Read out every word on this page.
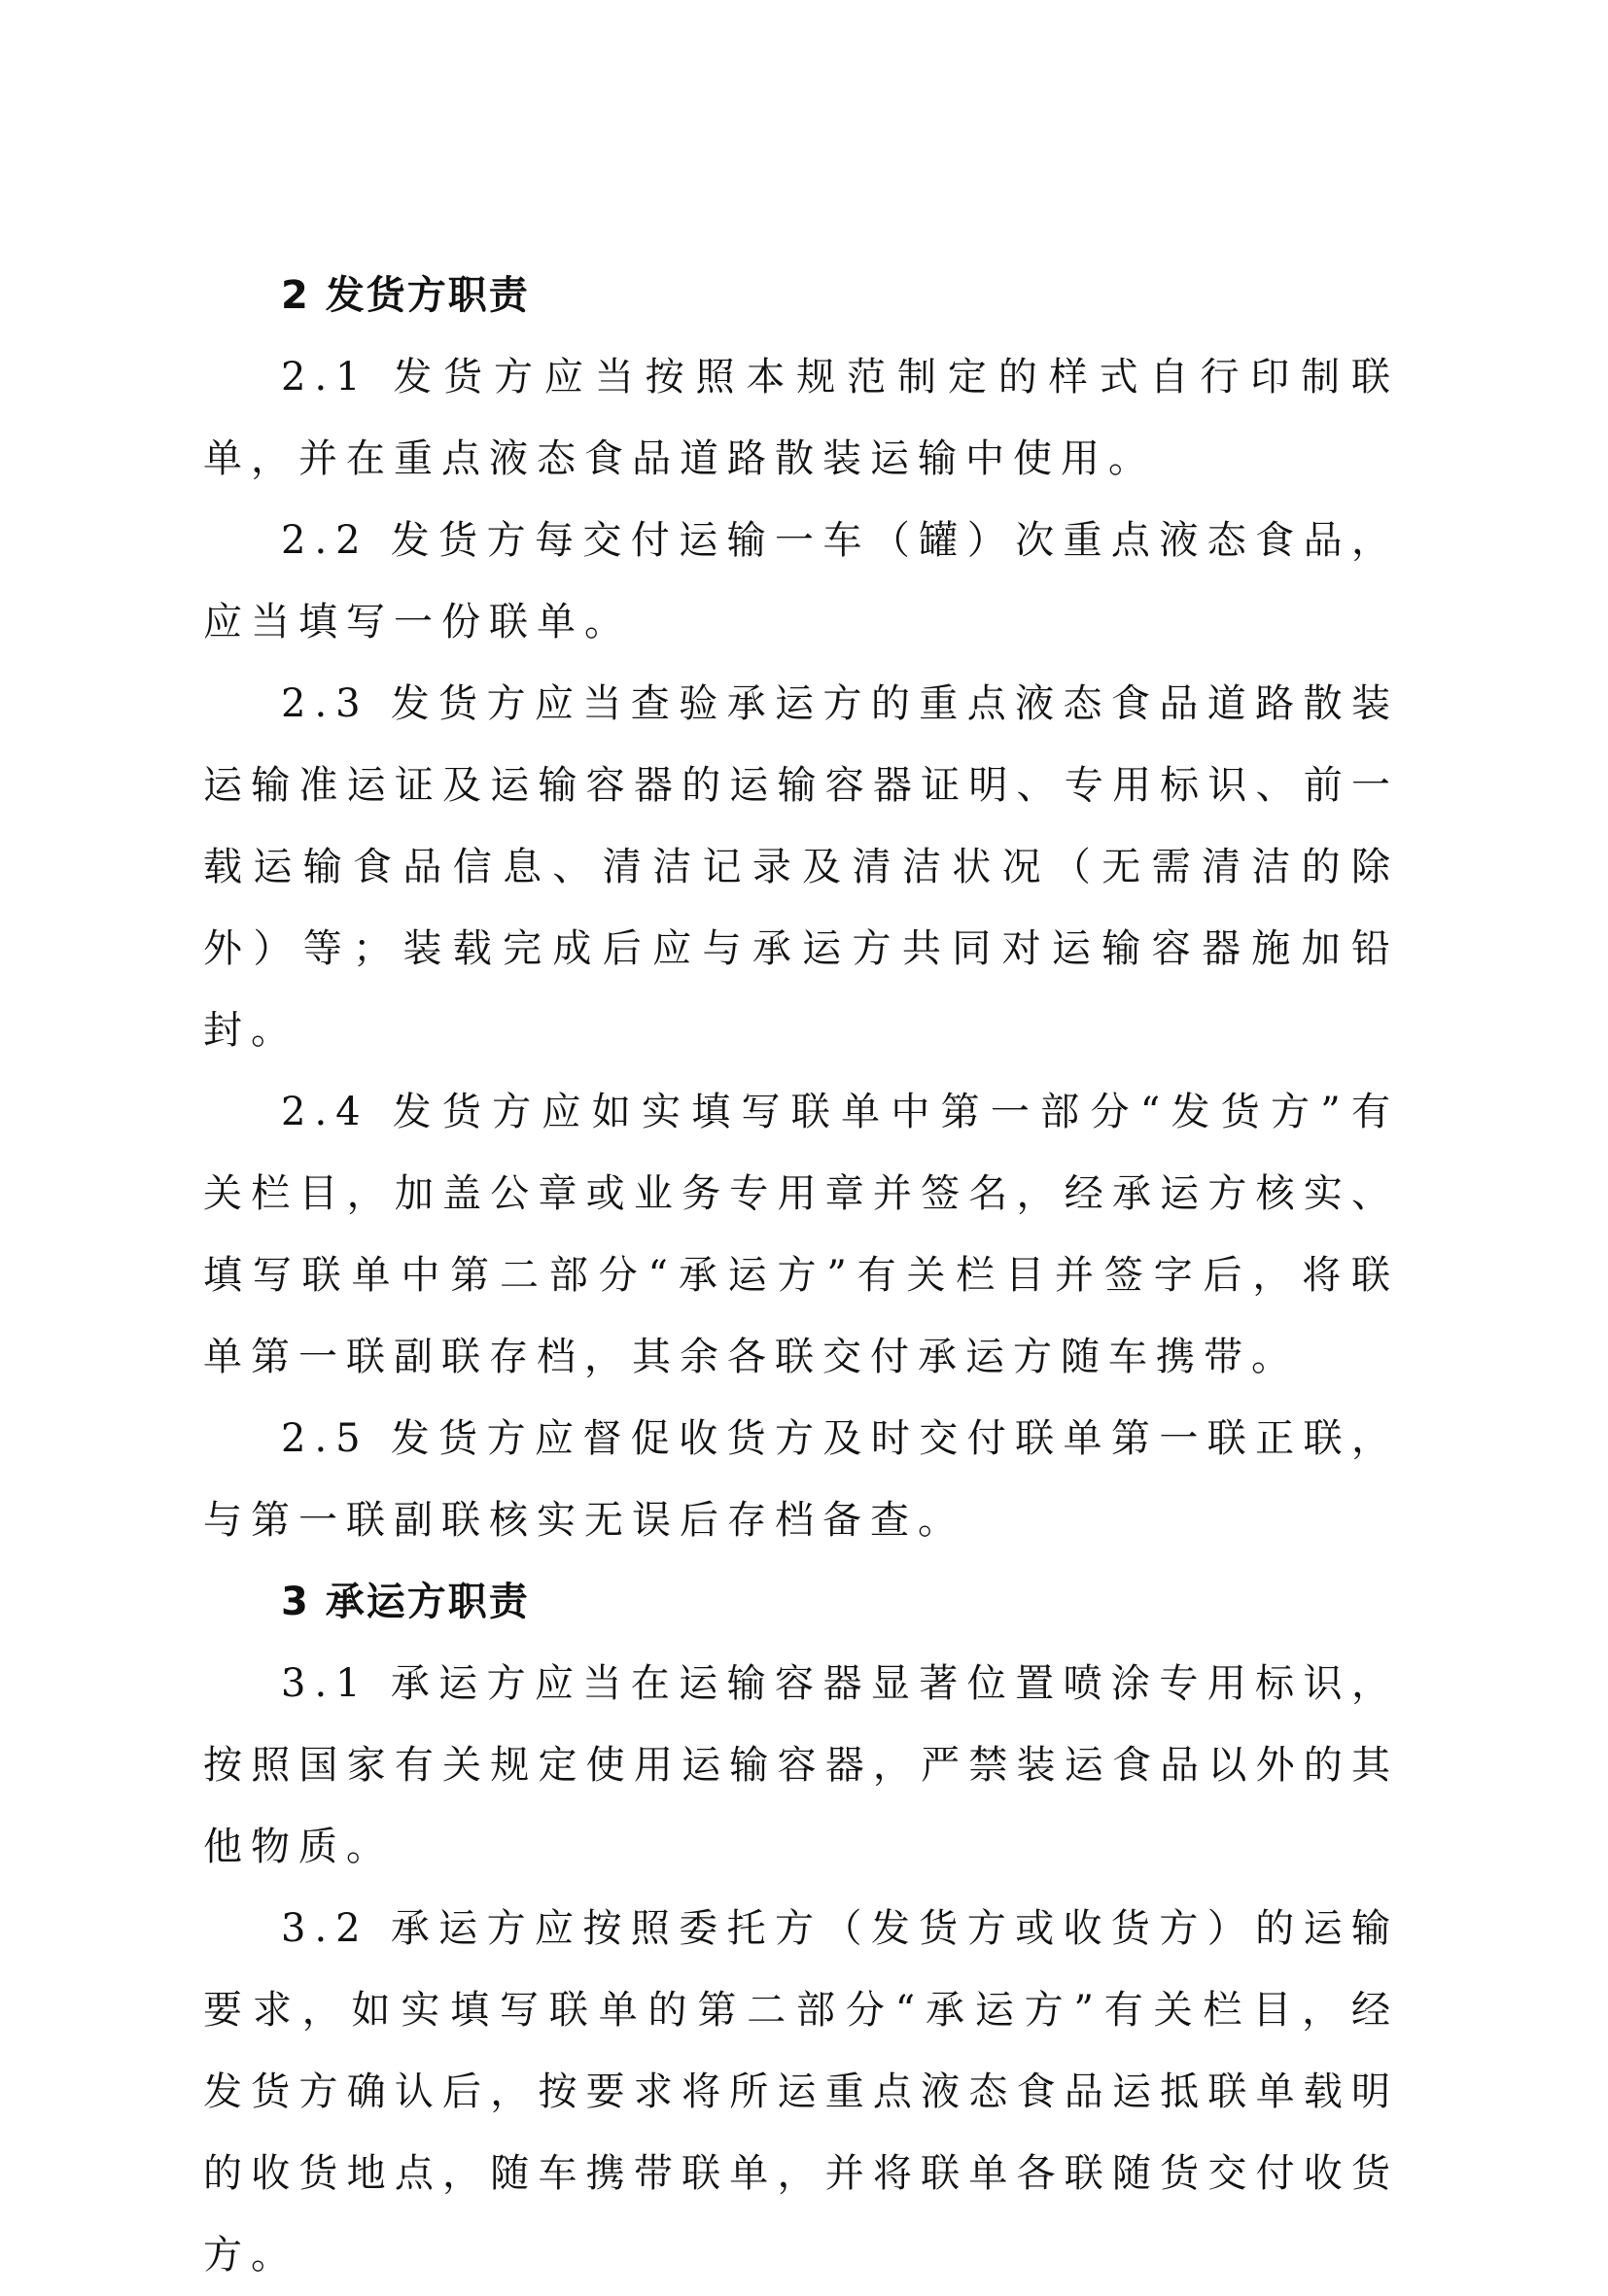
2 发货方职责

2.1 发货方应当按照本规范制定的样式自行印制联单，并在重点液态食品道路散装运输中使用。

2.2 发货方每交付运输一车（罐）次重点液态食品，应当填写一份联单。

2.3 发货方应当查验承运方的重点液态食品道路散装运输准运证及运输容器的运输容器证明、专用标识、前一载运输食品信息、清洁记录及清洁状况（无需清洁的除外）等；装载完成后应与承运方共同对运输容器施加铅封。

2.4 发货方应如实填写联单中第一部分“发货方”有关栏目，加盖公章或业务专用章并签名，经承运方核实、填写联单中第二部分“承运方”有关栏目并签字后，将联单第一联副联存档，其余各联交付承运方随车携带。

2.5 发货方应督促收货方及时交付联单第一联正联，与第一联副联核实无误后存档备查。

3 承运方职责

3.1 承运方应当在运输容器显著位置喷涂专用标识，按照国家有关规定使用运输容器，严禁装运食品以外的其他物质。

3.2 承运方应按照委托方（发货方或收货方）的运输要求，如实填写联单的第二部分“承运方”有关栏目，经发货方确认后，按要求将所运重点液态食品运抵联单载明的收货地点，随车携带联单，并将联单各联随货交付收货方。
